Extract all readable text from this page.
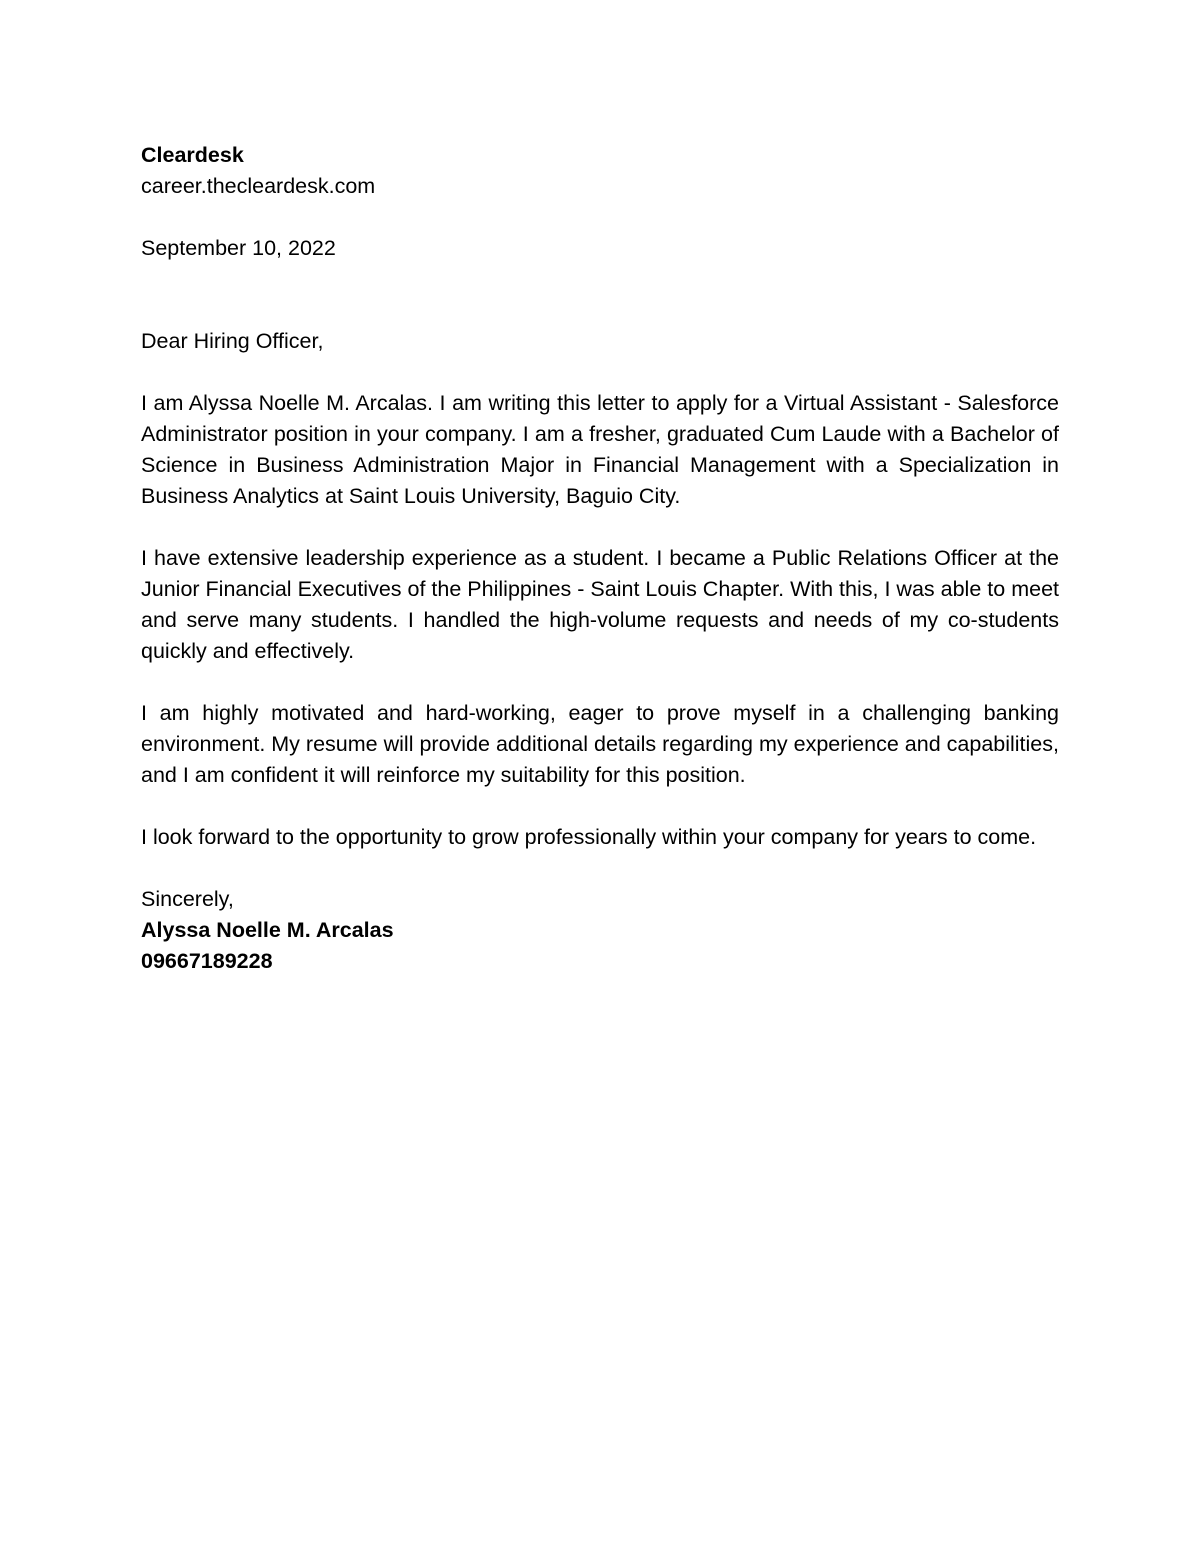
Cleardesk
career.thecleardesk.com
September 10, 2022
Dear Hiring Officer,

I am Alyssa Noelle M. Arcalas. I am writing this letter to apply for a Virtual Assistant - Salesforce Administrator position in your company. I am a fresher, graduated Cum Laude with a Bachelor of Science in Business Administration Major in Financial Management with a Specialization in Business Analytics at Saint Louis University, Baguio City.

I have extensive leadership experience as a student. I became a Public Relations Officer at the Junior Financial Executives of the Philippines - Saint Louis Chapter. With this, I was able to meet and serve many students. I handled the high-volume requests and needs of my co-students quickly and effectively.

I am highly motivated and hard-working, eager to prove myself in a challenging banking environment. My resume will provide additional details regarding my experience and capabilities, and I am confident it will reinforce my suitability for this position.

I look forward to the opportunity to grow professionally within your company for years to come.

Sincerely,
Alyssa Noelle M. Arcalas
09667189228
